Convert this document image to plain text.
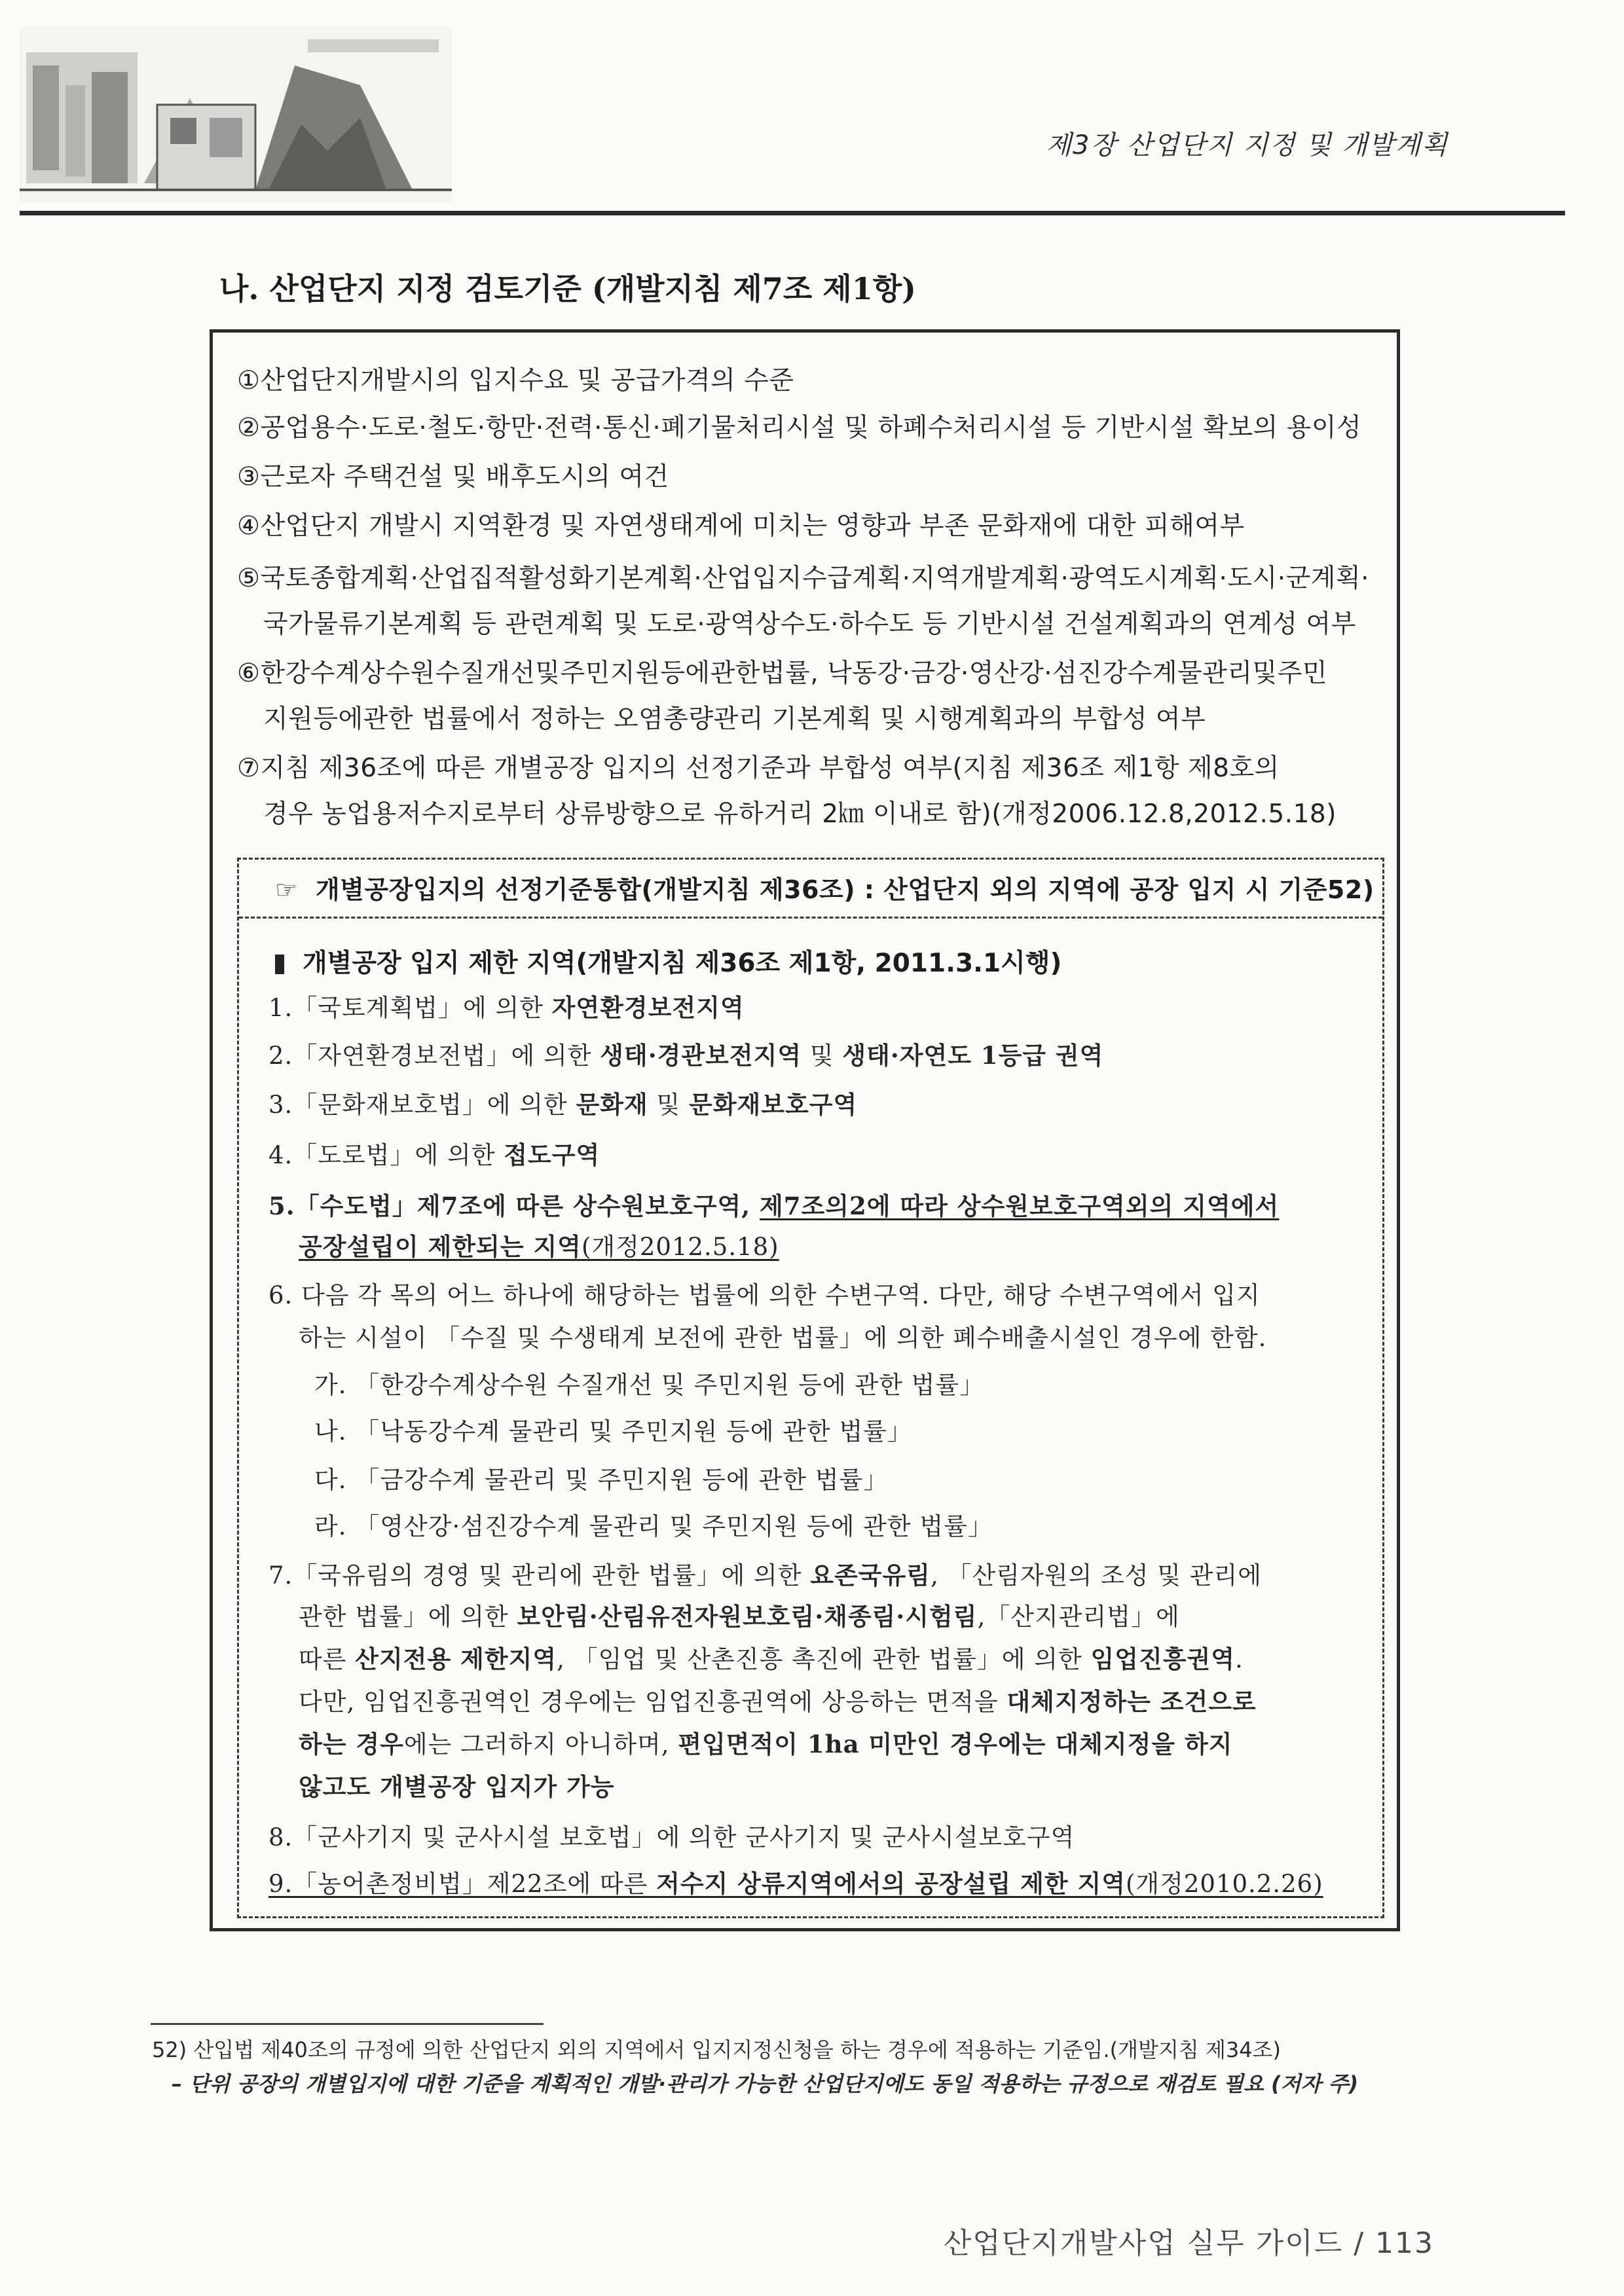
제3장 산업단지 지정 및 개발계획
나. 산업단지 지정 검토기준 (개발지침 제7조 제1항)
①산업단지개발시의 입지수요 및 공급가격의 수준
②공업용수·도로·철도·항만·전력·통신·폐기물처리시설 및 하폐수처리시설 등 기반시설 확보의 용이성
③근로자 주택건설 및 배후도시의 여건
④산업단지 개발시 지역환경 및 자연생태계에 미치는 영향과 부존 문화재에 대한 피해여부
⑤국토종합계획·산업집적활성화기본계획·산업입지수급계획·지역개발계획·광역도시계획·도시·군계획·
국가물류기본계획 등 관련계획 및 도로·광역상수도·하수도 등 기반시설 건설계획과의 연계성 여부
⑥한강수계상수원수질개선및주민지원등에관한법률, 낙동강·금강·영산강·섬진강수계물관리및주민
지원등에관한 법률에서 정하는 오염총량관리 기본계획 및 시행계획과의 부합성 여부
⑦지침 제36조에 따른 개별공장 입지의 선정기준과 부합성 여부(지침 제36조 제1항 제8호의
경우 농업용저수지로부터 상류방향으로 유하거리 2㎞ 이내로 함)(개정2006.12.8,2012.5.18)
☞ 개별공장입지의 선정기준통합(개발지침 제36조) : 산업단지 외의 지역에 공장 입지 시 기준52)
개별공장 입지 제한 지역(개발지침 제36조 제1항, 2011.3.1시행)
1.「국토계획법」에 의한 자연환경보전지역
2.「자연환경보전법」에 의한 생태·경관보전지역 및 생태·자연도 1등급 권역
3.「문화재보호법」에 의한 문화재 및 문화재보호구역
4.「도로법」에 의한 접도구역
5.「수도법」제7조에 따른 상수원보호구역, 제7조의2에 따라 상수원보호구역외의 지역에서
공장설립이 제한되는 지역(개정2012.5.18)
6. 다음 각 목의 어느 하나에 해당하는 법률에 의한 수변구역. 다만, 해당 수변구역에서 입지
하는 시설이 「수질 및 수생태계 보전에 관한 법률」에 의한 폐수배출시설인 경우에 한함.
가. 「한강수계상수원 수질개선 및 주민지원 등에 관한 법률」
나. 「낙동강수계 물관리 및 주민지원 등에 관한 법률」
다. 「금강수계 물관리 및 주민지원 등에 관한 법률」
라. 「영산강·섬진강수계 물관리 및 주민지원 등에 관한 법률」
7.「국유림의 경영 및 관리에 관한 법률」에 의한 요존국유림, 「산림자원의 조성 및 관리에
관한 법률」에 의한 보안림·산림유전자원보호림·채종림·시험림,「산지관리법」에
따른 산지전용 제한지역, 「임업 및 산촌진흥 촉진에 관한 법률」에 의한 임업진흥권역.
다만, 임업진흥권역인 경우에는 임업진흥권역에 상응하는 면적을 대체지정하는 조건으로
하는 경우에는 그러하지 아니하며, 편입면적이 1ha 미만인 경우에는 대체지정을 하지
않고도 개별공장 입지가 가능
8.「군사기지 및 군사시설 보호법」에 의한 군사기지 및 군사시설보호구역
9.「농어촌정비법」제22조에 따른 저수지 상류지역에서의 공장설립 제한 지역(개정2010.2.26)
52) 산입법 제40조의 규정에 의한 산업단지 외의 지역에서 입지지정신청을 하는 경우에 적용하는 기준임.(개발지침 제34조)
– 단위 공장의 개별입지에 대한 기준을 계획적인 개발·관리가 가능한 산업단지에도 동일 적용하는 규정으로 재검토 필요 (저자 주)
산업단지개발사업 실무 가이드 / 113
